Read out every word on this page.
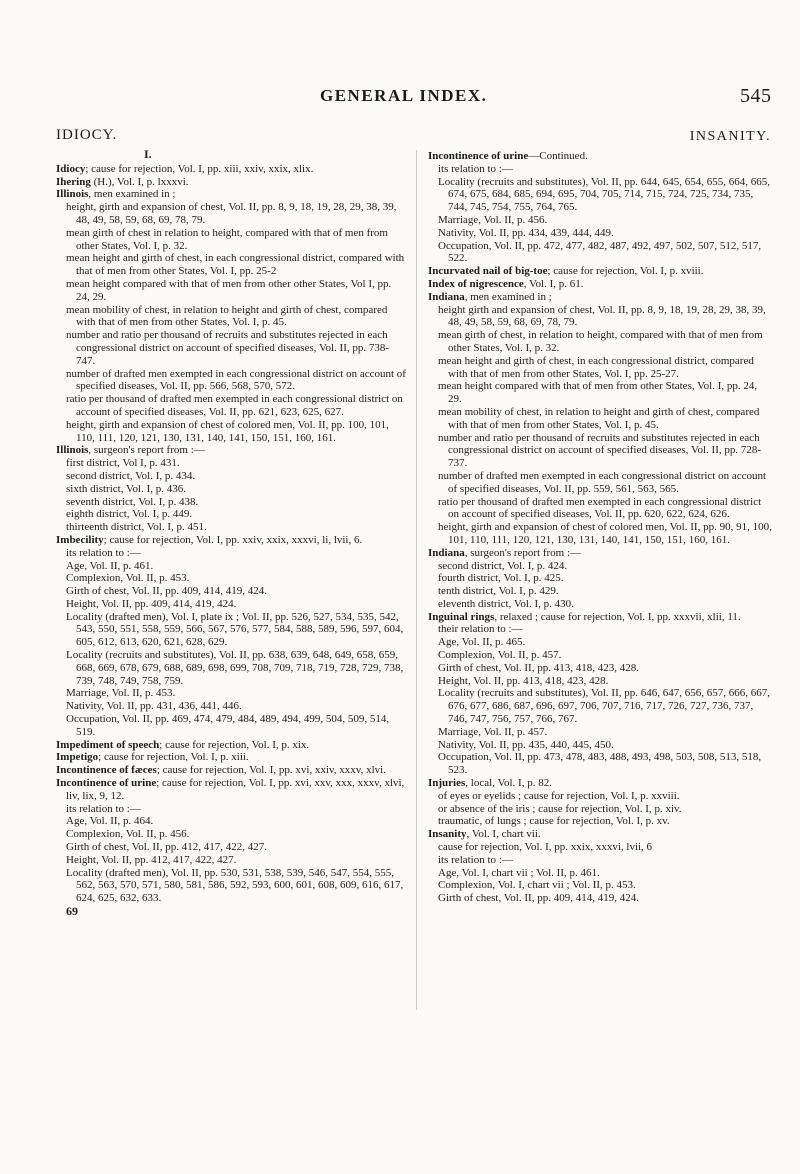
GENERAL INDEX.	545
IDIOCY.
I.

Idiocy; cause for rejection, Vol. I, pp. xiii, xxiv, xxix, xlix.

Ihering (H.), Vol. I, p. lxxxvi.

Illinois, men examined in ;

height, girth and expansion of chest, Vol. II, pp. 8, 9, 18, 19, 28, 29, 38, 39, 48, 49, 58, 59, 68, 69, 78, 79.

mean girth of chest in relation to height, compared with that of men from other States, Vol. I, p. 32.

mean height and girth of chest, in each congressional district, compared with that of men from other States, Vol. I, pp. 25-2

mean height compared with that of men from other other States, Vol I, pp. 24, 29.

mean mobility of chest, in relation to height and girth of chest, compared with that of men from other States, Vol. I, p. 45.

number and ratio per thousand of recruits and substitutes rejected in each congressional district on account of specified diseases, Vol. II, pp. 738-747.

number of drafted men exempted in each congressional district on account of specified diseases, Vol. II, pp. 566, 568, 570, 572.

ratio per thousand of drafted men exempted in each congressional district on account of specified diseases, Vol. II, pp. 621, 623, 625, 627.

height, girth and expansion of chest of colored men, Vol. II, pp. 100, 101, 110, 111, 120, 121, 130, 131, 140, 141, 150, 151, 160, 161.

Illinois, surgeon's report from :—

first district, Vol I, p. 431.

second district, Vol. I, p. 434.

sixth district, Vol. I, p. 436.

seventh district, Vol. I, p. 438.

eighth district, Vol. I, p. 449.

thirteenth district, Vol. I, p. 451.

Imbecility; cause for rejection, Vol. I, pp. xxiv, xxix, xxxvi, li, lvii, 6.

its relation to :—

Age, Vol. II, p. 461.

Complexion, Vol. II, p. 453.

Girth of chest, Vol. II, pp. 409, 414, 419, 424.

Height, Vol. II, pp. 409, 414, 419, 424.

Locality (drafted men), Vol. I, plate ix ; Vol. II, pp. 526, 527, 534, 535, 542, 543, 550, 551, 558, 559, 566, 567, 576, 577, 584, 588, 589, 596, 597, 604, 605, 612, 613, 620, 621, 628, 629.

Locality (recruits and substitutes), Vol. II, pp. 638, 639, 648, 649, 658, 659, 668, 669, 678, 679, 688, 689, 698, 699, 708, 709, 718, 719, 728, 729, 738, 739, 748, 749, 758, 759.

Marriage, Vol. II, p. 453.

Nativity, Vol. II, pp. 431, 436, 441, 446.

Occupation, Vol. II, pp. 469, 474, 479, 484, 489, 494, 499, 504, 509, 514, 519.

Impediment of speech; cause for rejection, Vol. I, p. xix.

Impetigo; cause for rejection, Vol. I, p. xiii.

Incontinence of fæces; cause for rejection, Vol. I, pp. xvi, xxiv, xxxv, xlvi.

Incontinence of urine; cause for rejection, Vol. I, pp. xvi, xxv, xxx, xxxv, xlvi, liv, lix, 9, 12.

its relation to :—

Age, Vol. II, p. 464.

Complexion, Vol. II, p. 456.

Girth of chest, Vol. II, pp. 412, 417, 422, 427.

Height, Vol. II, pp. 412, 417, 422, 427.

Locality (drafted men), Vol. II, pp. 530, 531, 538, 539, 546, 547, 554, 555, 562, 563, 570, 571, 580, 581, 586, 592, 593, 600, 601, 608, 609, 616, 617, 624, 625, 632, 633.

69
INSANITY.

Incontinence of urine—Continued.

its relation to :—

Locality (recruits and substitutes), Vol. II, pp. 644, 645, 654, 655, 664, 665, 674, 675, 684, 685, 694, 695, 704, 705, 714, 715, 724, 725, 734, 735, 744, 745, 754, 755, 764, 765.

Marriage, Vol. II, p. 456.

Nativity, Vol. II, pp. 434, 439, 444, 449.

Occupation, Vol. II, pp. 472, 477, 482, 487, 492, 497, 502, 507, 512, 517, 522.

Incurvated nail of big-toe; cause for rejection, Vol. I, p. xviii.

Index of nigrescence, Vol. I, p. 61.

Indiana, men examined in ;

height girth and expansion of chest, Vol. II, pp. 8, 9, 18, 19, 28, 29, 38, 39, 48, 49, 58, 59, 68, 69, 78, 79.

mean girth of chest, in relation to height, compared with that of men from other States, Vol. I, p. 32.

mean height and girth of chest, in each congressional district, compared with that of men from other States, Vol. I, pp. 25-27.

mean height compared with that of men from other States, Vol. I, pp. 24, 29.

mean mobility of chest, in relation to height and girth of chest, compared with that of men from other States, Vol. I, p. 45.

number and ratio per thousand of recruits and substitutes rejected in each congressional district on account of specified diseases, Vol. II, pp. 728-737.

number of drafted men exempted in each congressional district on account of specified diseases, Vol. II, pp. 559, 561, 563, 565.

ratio per thousand of drafted men exempted in each congressional district on account of specified diseases, Vol. II, pp. 620, 622, 624, 626.

height, girth and expansion of chest of colored men, Vol. II, pp. 90, 91, 100, 101, 110, 111, 120, 121, 130, 131, 140, 141, 150, 151, 160, 161.

Indiana, surgeon's report from :—

second district, Vol. I, p. 424.

fourth district, Vol. I, p. 425.

tenth district, Vol. I, p. 429.

eleventh district, Vol. I, p. 430.

Inguinal rings, relaxed ; cause for rejection, Vol. I, pp. xxxvii, xlii, 11.

their relation to :—

Age, Vol. II, p. 465.

Complexion, Vol. II, p. 457.

Girth of chest, Vol. II, pp. 413, 418, 423, 428.

Height, Vol. II, pp. 413, 418, 423, 428.

Locality (recruits and substitutes), Vol. II, pp. 646, 647, 656, 657, 666, 667, 676, 677, 686, 687, 696, 697, 706, 707, 716, 717, 726, 727, 736, 737, 746, 747, 756, 757, 766, 767.

Marriage, Vol. II, p. 457.

Nativity, Vol. II, pp. 435, 440, 445, 450.

Occupation, Vol. II, pp. 473, 478, 483, 488, 493, 498, 503, 508, 513, 518, 523.

Injuries, local, Vol. I, p. 82.

of eyes or eyelids ; cause for rejection, Vol. I, p. xxviii.

or absence of the iris ; cause for rejection, Vol. I, p. xiv.

traumatic, of lungs ; cause for rejection, Vol. I, p. xv.

Insanity, Vol. I, chart vii.

cause for rejection, Vol. I, pp. xxix, xxxvi, lvii, 6

its relation to :—

Age, Vol. I, chart vii ; Vol. II, p. 461.

Complexion, Vol. I, chart vii ; Vol. II, p. 453.

Girth of chest, Vol. II, pp. 409, 414, 419, 424.
